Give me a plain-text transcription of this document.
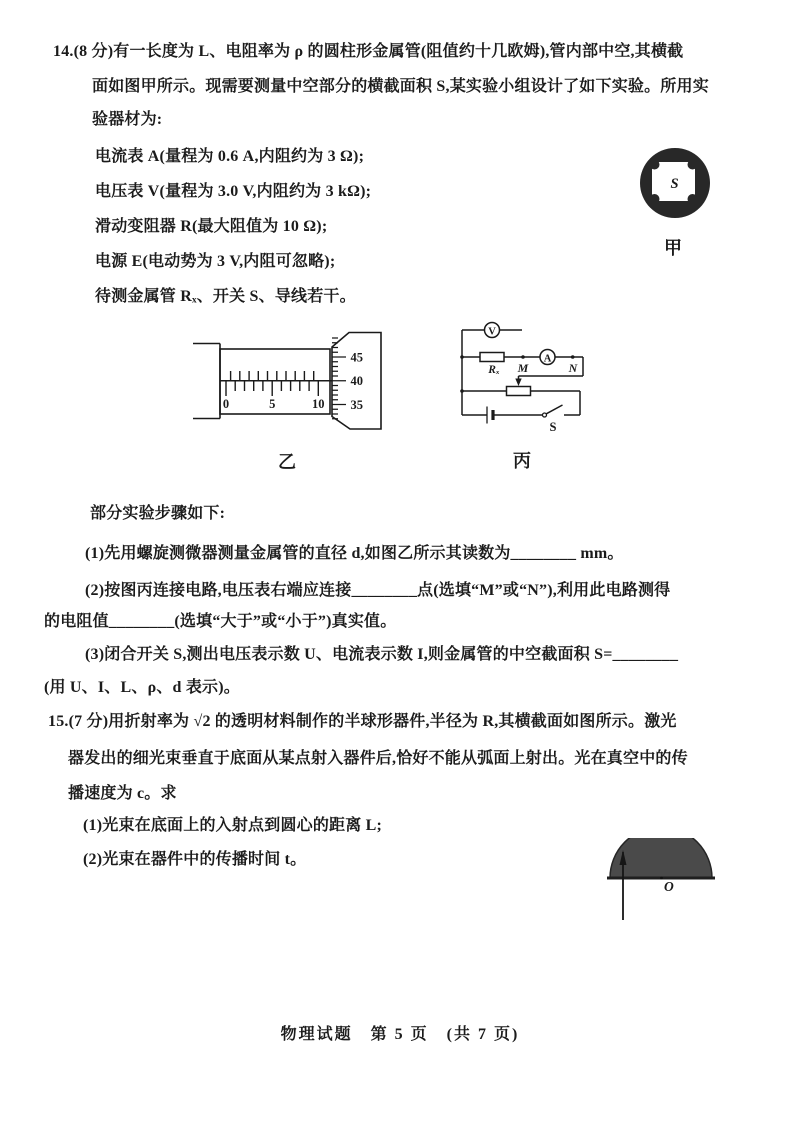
14.(8 分)有一长度为 L、电阻率为 ρ 的圆柱形金属管(阻值约十几欧姆),管内部中空,其横截
面如图甲所示。现需要测量中空部分的横截面积 S,某实验小组设计了如下实验。所用实
验器材为:
电流表 A(量程为 0.6 A,内阻约为 3 Ω);
电压表 V(量程为 3.0 V,内阻约为 3 kΩ);
滑动变阻器 R(最大阻值为 10 Ω);
电源 E(电动势为 3 V,内阻可忽略);
待测金属管 Rₓ、开关 S、导线若干。
S
甲
0	5	10
45
40
35
乙
V
Rₓ
A
M	N
S
丙
部分实验步骤如下:
(1)先用螺旋测微器测量金属管的直径 d,如图乙所示其读数为________ mm。
(2)按图丙连接电路,电压表右端应连接________点(选填“M”或“N”),利用此电路测得
的电阻值________(选填“大于”或“小于”)真实值。
(3)闭合开关 S,测出电压表示数 U、电流表示数 I,则金属管的中空截面积 S=________
(用 U、I、L、ρ、d 表示)。
15.(7 分)用折射率为 √2 的透明材料制作的半球形器件,半径为 R,其横截面如图所示。激光
器发出的细光束垂直于底面从某点射入器件后,恰好不能从弧面上射出。光在真空中的传
播速度为 c。求
(1)光束在底面上的入射点到圆心的距离 L;
(2)光束在器件中的传播时间 t。
O
物理试题　第 5 页　(共 7 页)
